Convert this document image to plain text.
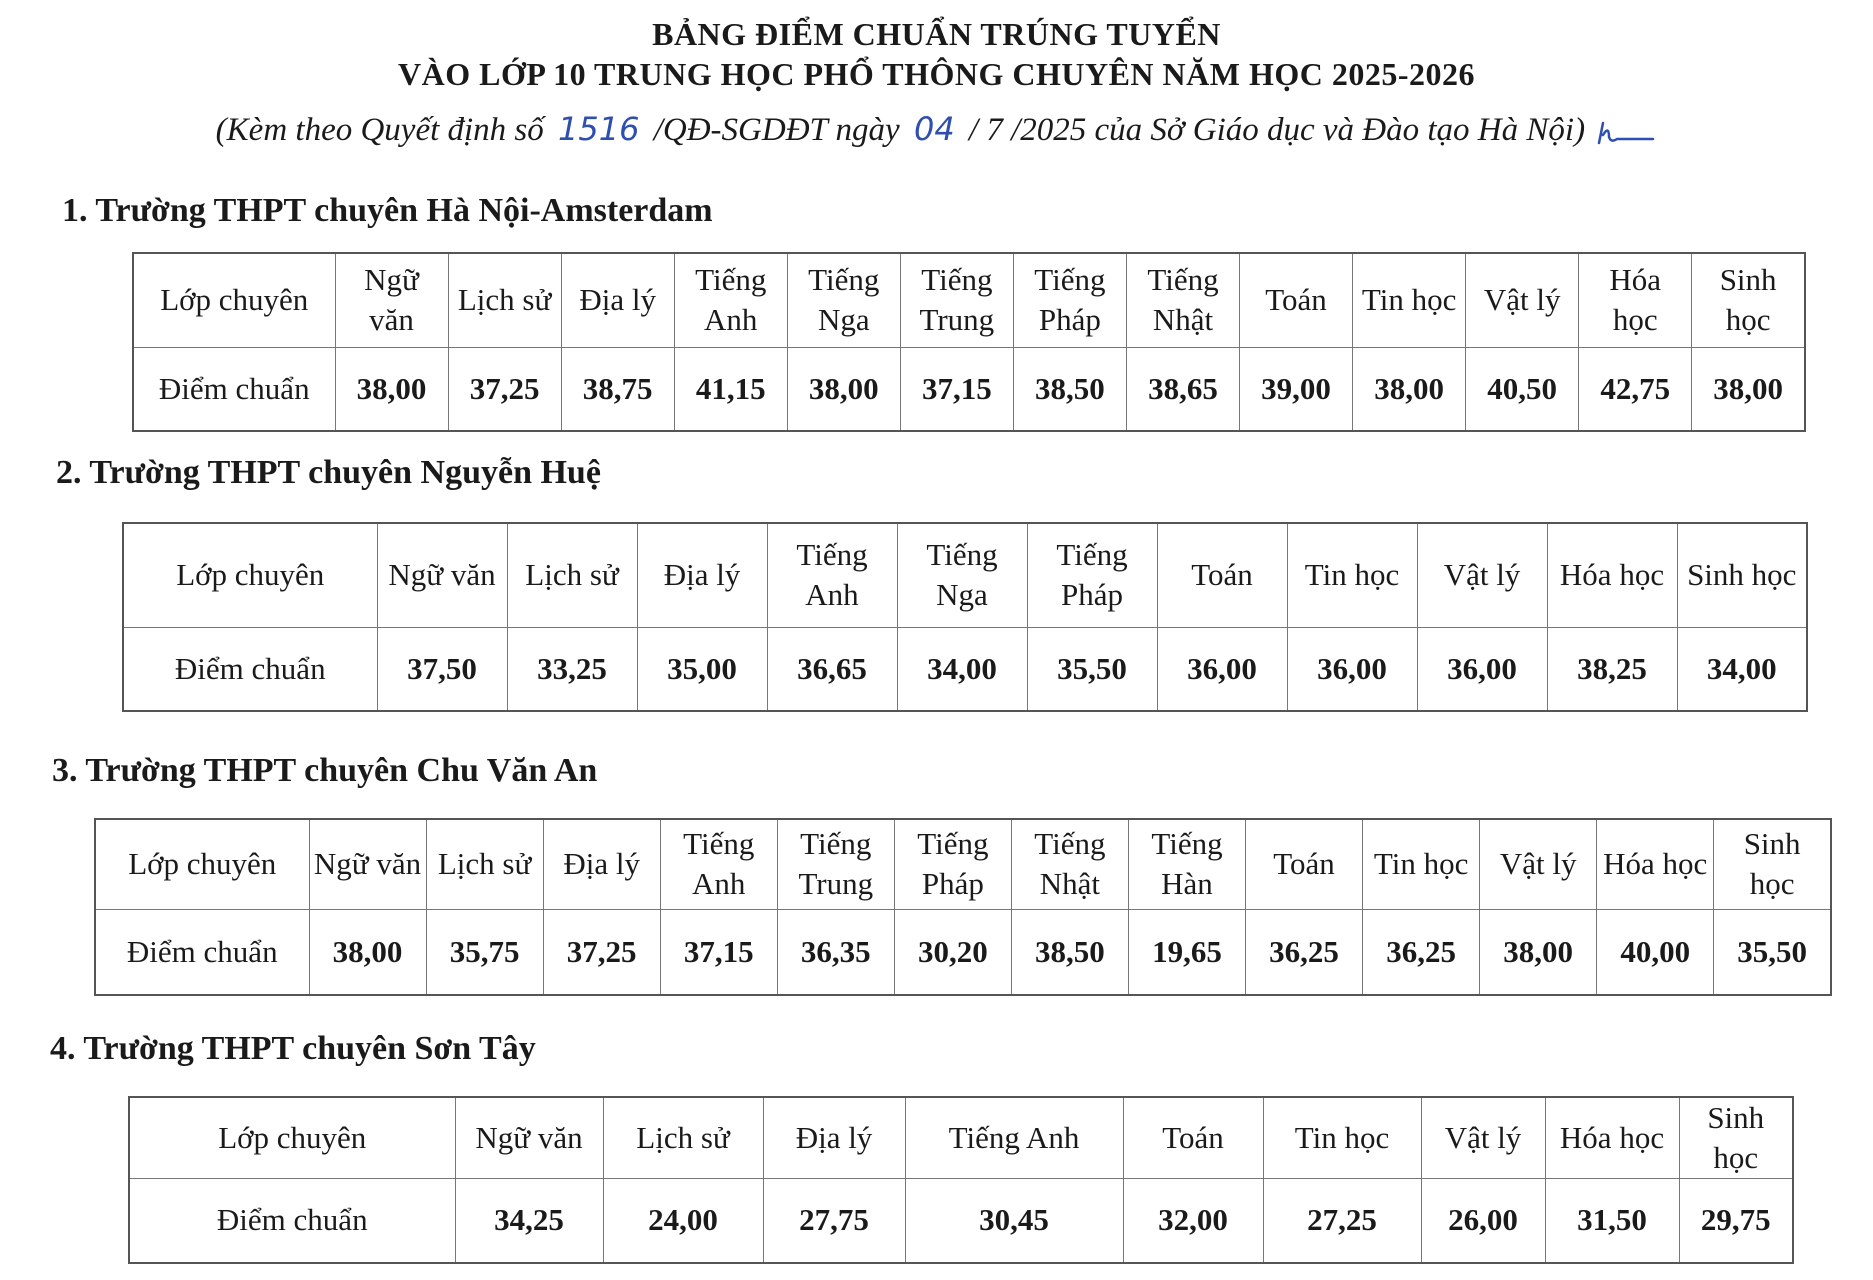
BẢNG ĐIỂM CHUẨN TRÚNG TUYỂN
VÀO LỚP 10 TRUNG HỌC PHỔ THÔNG CHUYÊN NĂM HỌC 2025-2026
(Kèm theo Quyết định số 1516 /QĐ-SGDĐT ngày 04 / 7 /2025 của Sở Giáo dục và Đào tạo Hà Nội)
1. Trường THPT chuyên Hà Nội-Amsterdam
Lớp chuyên	Ngữ văn	Lịch sử	Địa lý	Tiếng Anh	Tiếng Nga	Tiếng Trung	Tiếng Pháp	Tiếng Nhật	Toán	Tin học	Vật lý	Hóa học	Sinh học
Điểm chuẩn	38,00	37,25	38,75	41,15	38,00	37,15	38,50	38,65	39,00	38,00	40,50	42,75	38,00
2. Trường THPT chuyên Nguyễn Huệ
Lớp chuyên	Ngữ văn	Lịch sử	Địa lý	Tiếng Anh	Tiếng Nga	Tiếng Pháp	Toán	Tin học	Vật lý	Hóa học	Sinh học
Điểm chuẩn	37,50	33,25	35,00	36,65	34,00	35,50	36,00	36,00	36,00	38,25	34,00
3. Trường THPT chuyên Chu Văn An
Lớp chuyên	Ngữ văn	Lịch sử	Địa lý	Tiếng Anh	Tiếng Trung	Tiếng Pháp	Tiếng Nhật	Tiếng Hàn	Toán	Tin học	Vật lý	Hóa học	Sinh học
Điểm chuẩn	38,00	35,75	37,25	37,15	36,35	30,20	38,50	19,65	36,25	36,25	38,00	40,00	35,50
4. Trường THPT chuyên Sơn Tây
Lớp chuyên	Ngữ văn	Lịch sử	Địa lý	Tiếng Anh	Toán	Tin học	Vật lý	Hóa học	Sinh học
Điểm chuẩn	34,25	24,00	27,75	30,45	32,00	27,25	26,00	31,50	29,75
